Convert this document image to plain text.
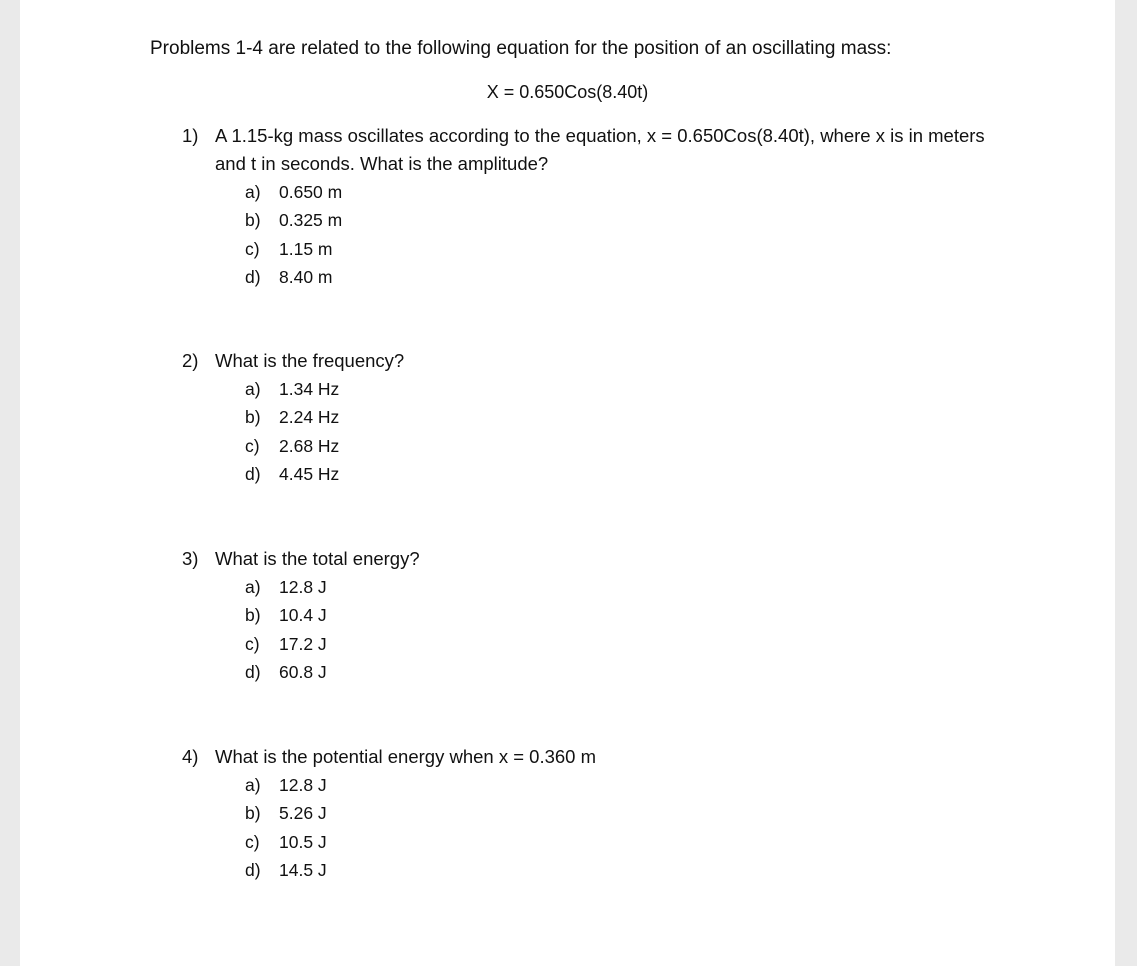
Problems 1-4 are related to the following equation for the position of an oscillating mass:
X = 0.650Cos(8.40t)
1) A 1.15-kg mass oscillates according to the equation, x = 0.650Cos(8.40t), where x is in meters and t in seconds. What is the amplitude?
a) 0.650 m
b) 0.325 m
c) 1.15 m
d) 8.40 m
2) What is the frequency?
a) 1.34 Hz
b) 2.24 Hz
c) 2.68 Hz
d) 4.45 Hz
3) What is the total energy?
a) 12.8 J
b) 10.4 J
c) 17.2 J
d) 60.8 J
4) What is the potential energy when x = 0.360 m
a) 12.8 J
b) 5.26 J
c) 10.5 J
d) 14.5 J
